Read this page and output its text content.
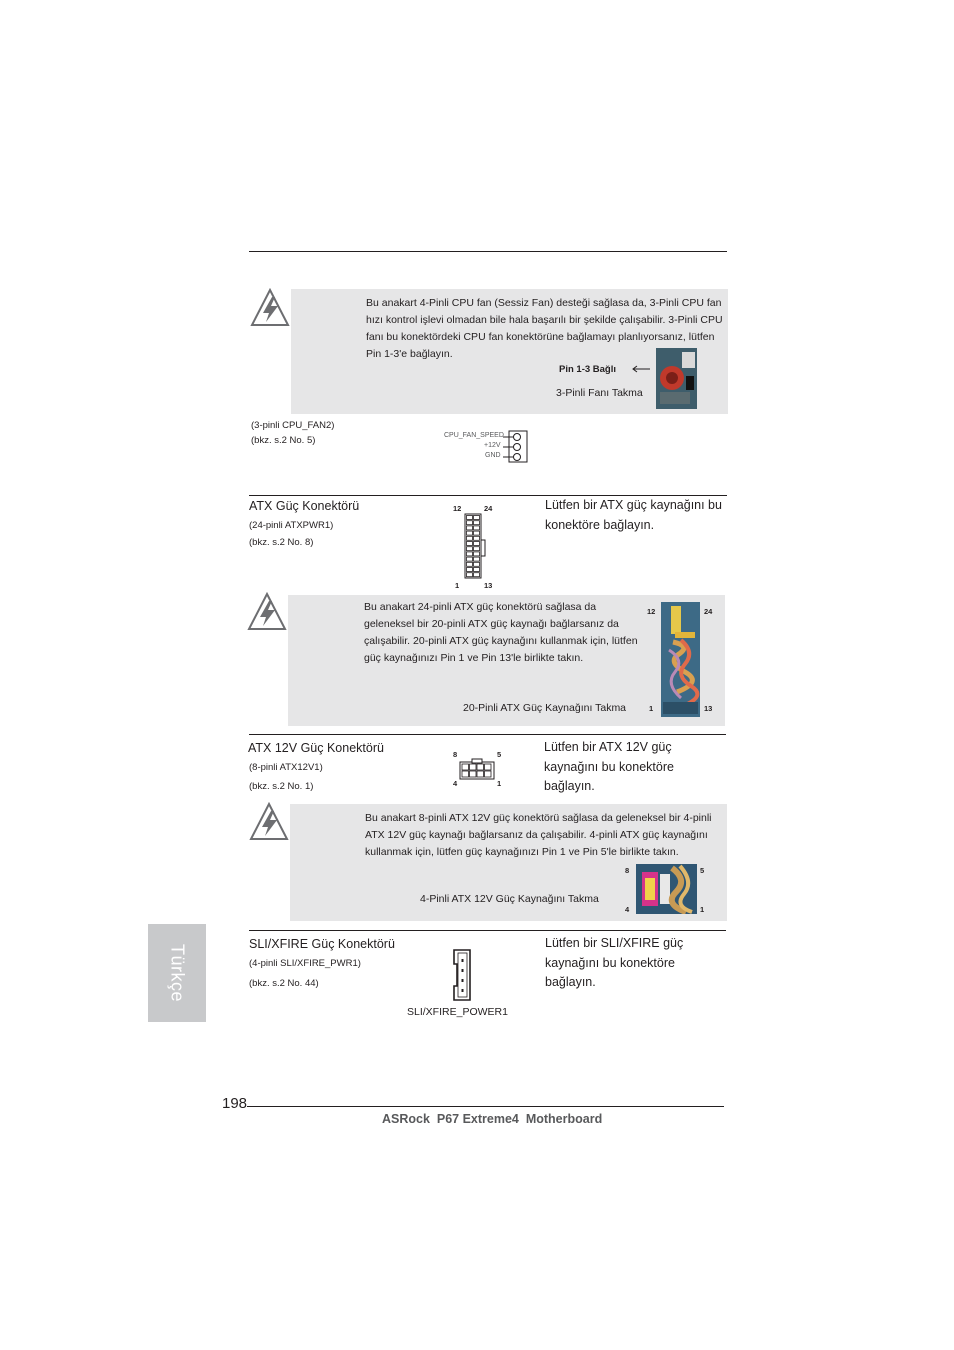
Bu anakart 4-Pinli CPU fan (Sessiz Fan) desteği sağlasa da, 3-Pinli CPU fan hızı kontrol işlevi olmadan bile hala başarılı bir şekilde çalışabilir. 3-Pinli CPU fanı bu konektördeki CPU fan konektörüne bağlamayı planlıyorsanız, lütfen Pin 1-3'e bağlayın.
Pin 1-3 Bağlı
3-Pinli Fanı Takma
(3-pinli CPU_FAN2)
(bkz. s.2 No. 5)	CPU_FAN_SPEED
+12V
GND
ATX Güç Konektörü
(24-pinli ATXPWR1)
(bkz. s.2 No. 8)
Lütfen bir ATX güç kaynağını bu konektöre bağlayın.
12	24
1	13
Bu anakart 24-pinli ATX güç konektörü sağlasa da geleneksel bir 20-pinli ATX güç kaynağı bağlarsanız da çalışabilir. 20-pinli ATX güç kaynağını kullanmak için, lütfen güç kaynağınızı Pin 1 ve Pin 13'le birlikte takın.
20-Pinli ATX Güç Kaynağını Takma
12	24
1	13
ATX 12V Güç Konektörü
(8-pinli ATX12V1)
(bkz. s.2 No. 1)
Lütfen bir ATX 12V güç kaynağını bu konektöre bağlayın.
8	5
4	1
Bu anakart 8-pinli ATX 12V güç konektörü sağlasa da geleneksel bir 4-pinli ATX 12V güç kaynağı bağlarsanız da çalışabilir. 4-pinli ATX güç kaynağını kullanmak için, lütfen güç kaynağınızı Pin 1 ve Pin 5'le birlikte takın.
4-Pinli ATX 12V Güç Kaynağını Takma
8	5
4	1
SLI/XFIRE Güç Konektörü
(4-pinli SLI/XFIRE_PWR1)
(bkz. s.2 No. 44)
Lütfen bir SLI/XFIRE güç kaynağını bu konektöre bağlayın.
SLI/XFIRE_POWER1
Türkçe
198
ASRock  P67 Extreme4  Motherboard
